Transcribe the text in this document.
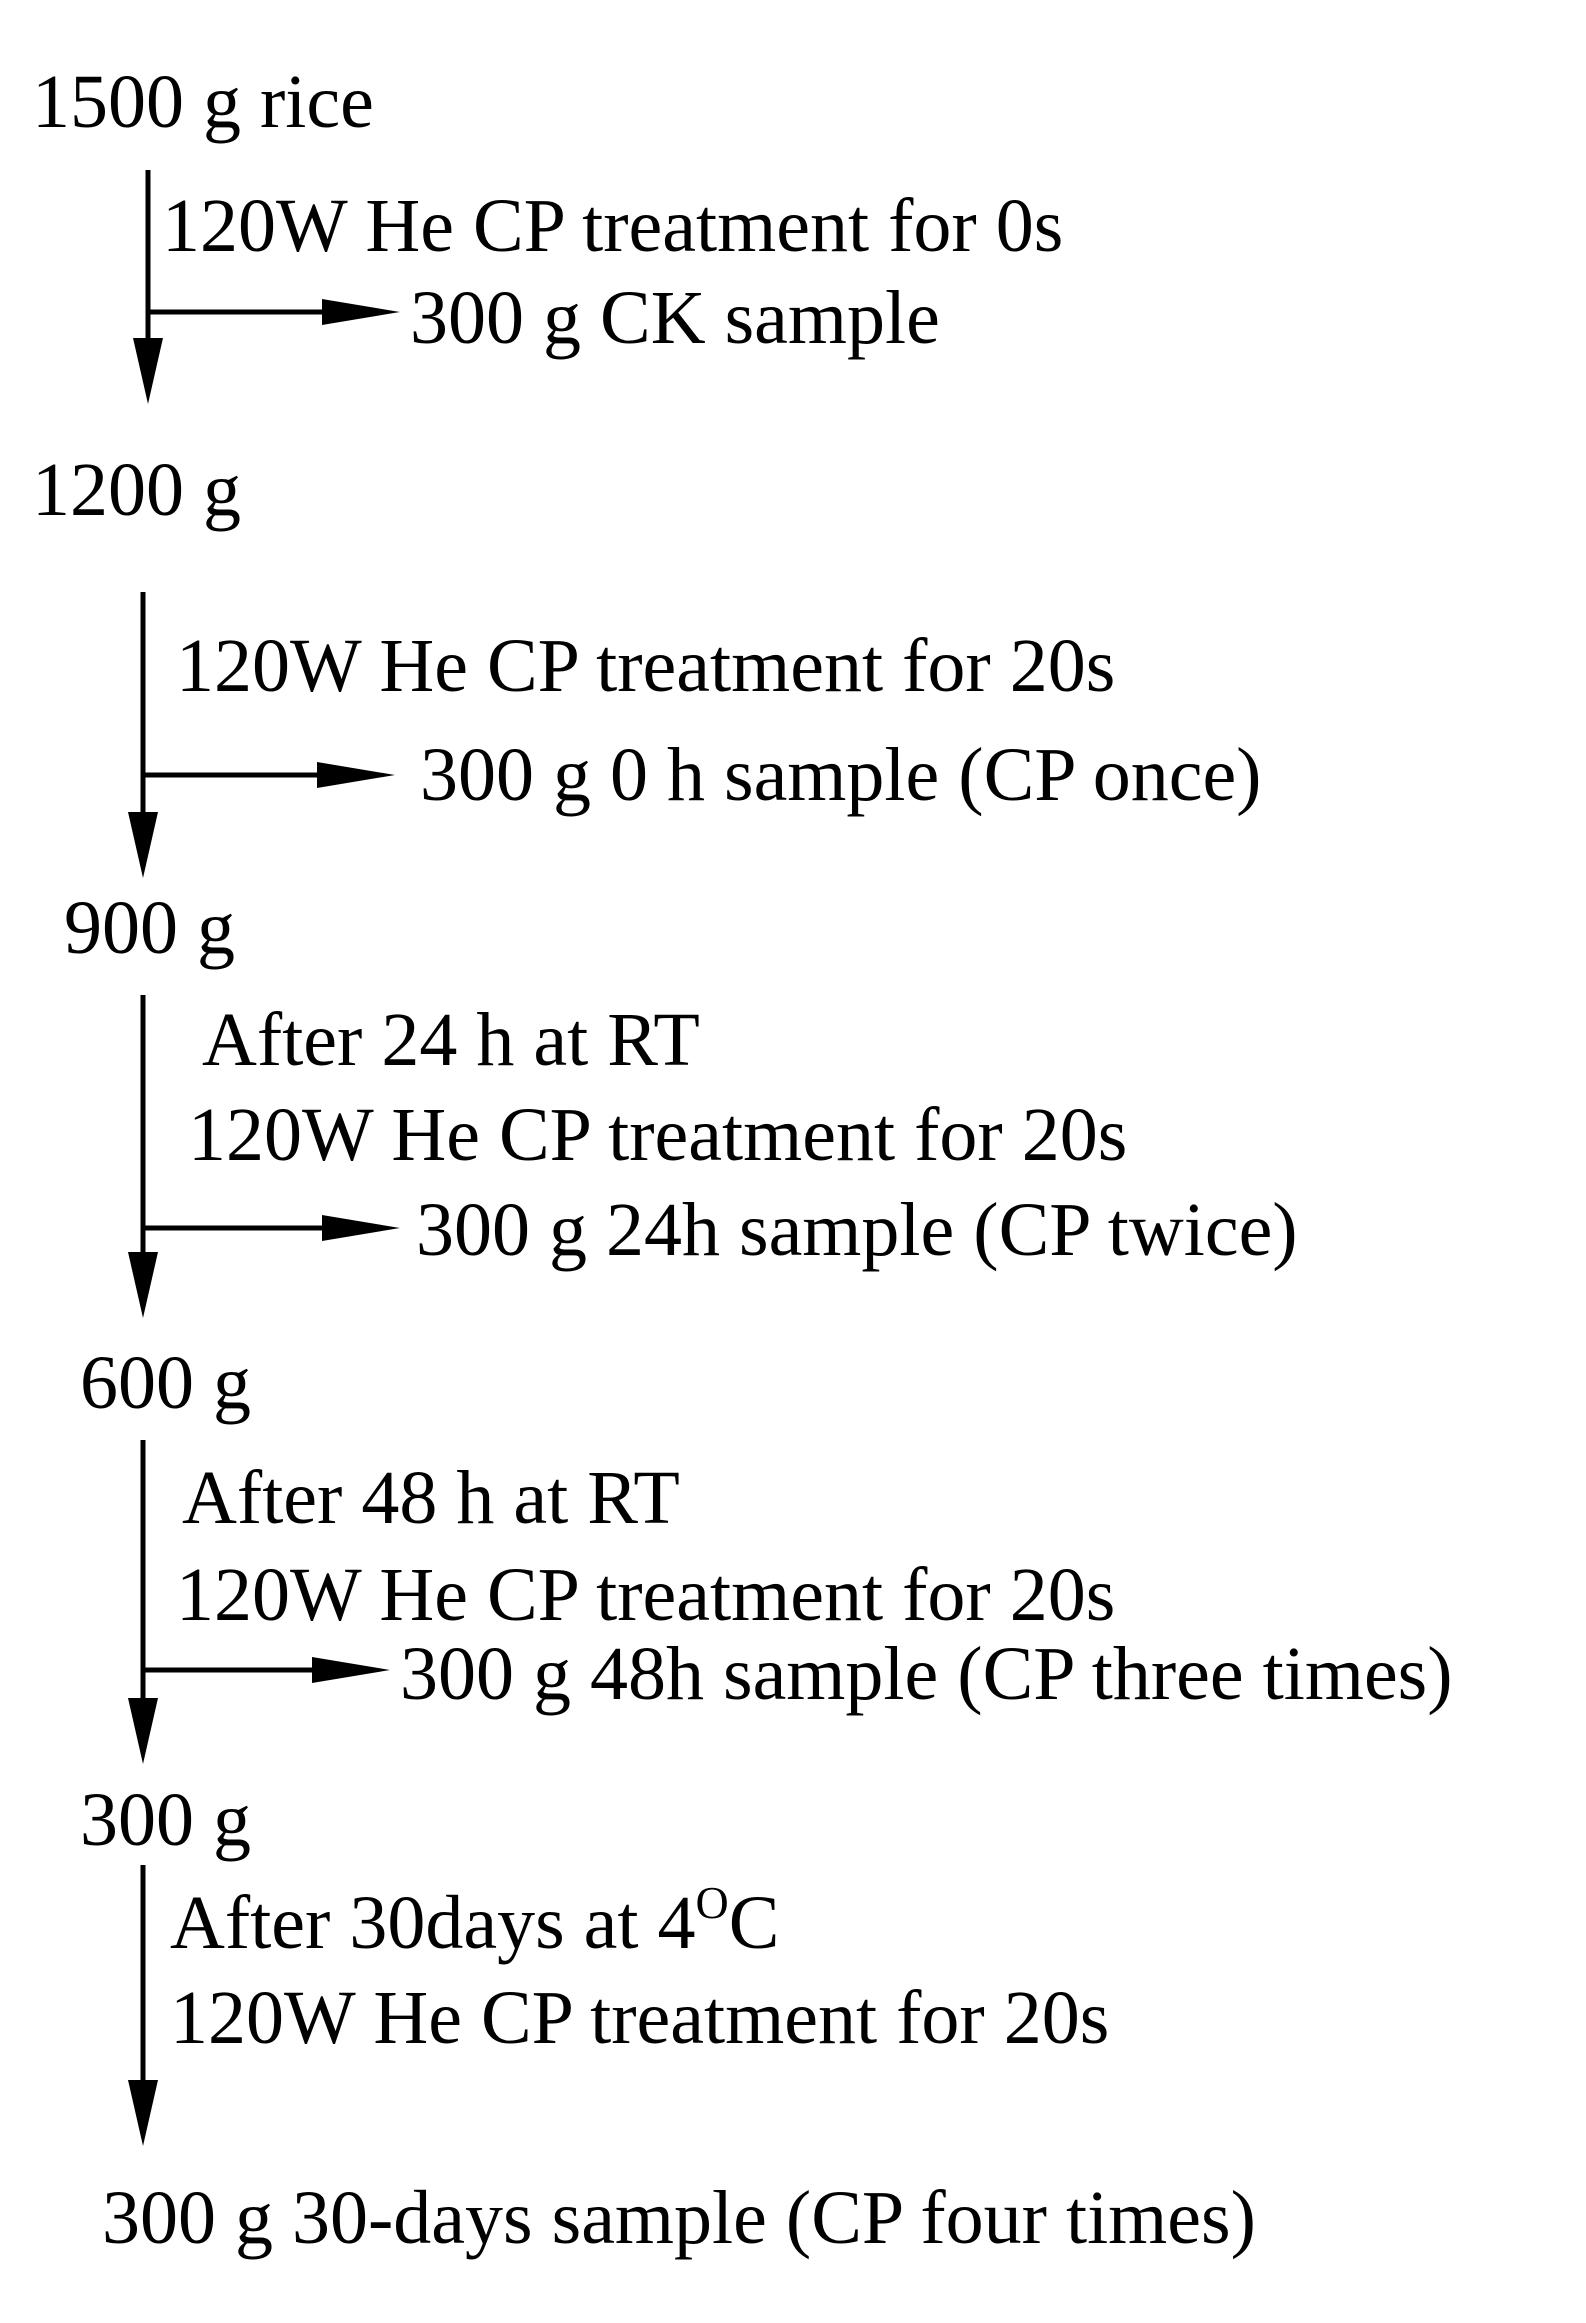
1500 g rice
1200 g
900 g
600 g
300 g
300 g 30-days sample (CP four times)
120W He CP treatment for 0s
300 g CK sample
120W He CP treatment for 20s
300 g 0 h sample (CP once)
After 24 h at RT
120W He CP treatment for 20s
300 g 24h sample (CP twice)
After 48 h at RT
120W He CP treatment for 20s
300 g 48h sample (CP three times)
After 30days at $4^OC$
120W He CP treatment for 20s
